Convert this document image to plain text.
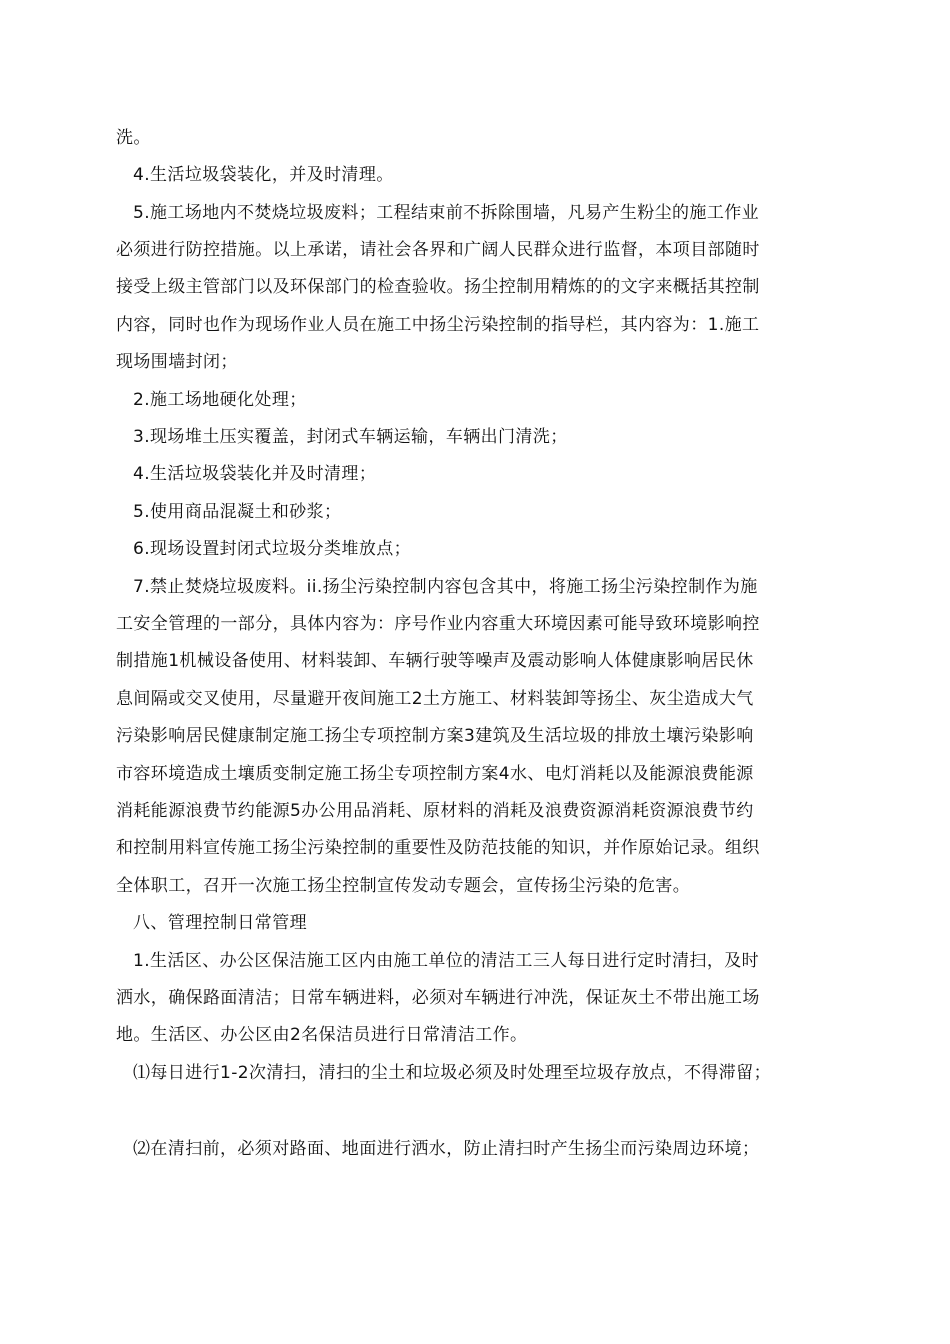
洗。
4.生活垃圾袋装化，并及时清理。
5.施工场地内不焚烧垃圾废料；工程结束前不拆除围墙，凡易产生粉尘的施工作业
必须进行防控措施。以上承诺，请社会各界和广阔人民群众进行监督，本项目部随时
接受上级主管部门以及环保部门的检查验收。扬尘控制用精炼的的文字来概括其控制
内容，同时也作为现场作业人员在施工中扬尘污染控制的指导栏，其内容为：1.施工
现场围墙封闭；
2.施工场地硬化处理；
3.现场堆土压实覆盖，封闭式车辆运输，车辆出门清洗；
4.生活垃圾袋装化并及时清理；
5.使用商品混凝土和砂浆；
6.现场设置封闭式垃圾分类堆放点；
7.禁止焚烧垃圾废料。ii.扬尘污染控制内容包含其中，将施工扬尘污染控制作为施
工安全管理的一部分，具体内容为：序号作业内容重大环境因素可能导致环境影响控
制措施1机械设备使用、材料装卸、车辆行驶等噪声及震动影响人体健康影响居民休
息间隔或交叉使用，尽量避开夜间施工2土方施工、材料装卸等扬尘、灰尘造成大气
污染影响居民健康制定施工扬尘专项控制方案3建筑及生活垃圾的排放土壤污染影响
市容环境造成土壤质变制定施工扬尘专项控制方案4水、电灯消耗以及能源浪费能源
消耗能源浪费节约能源5办公用品消耗、原材料的消耗及浪费资源消耗资源浪费节约
和控制用料宣传施工扬尘污染控制的重要性及防范技能的知识，并作原始记录。组织
全体职工，召开一次施工扬尘控制宣传发动专题会，宣传扬尘污染的危害。
八、管理控制日常管理
1.生活区、办公区保洁施工区内由施工单位的清洁工三人每日进行定时清扫，及时
洒水，确保路面清洁；日常车辆进料，必须对车辆进行冲洗，保证灰土不带出施工场
地。生活区、办公区由2名保洁员进行日常清洁工作。
⑴每日进行1-2次清扫，清扫的尘土和垃圾必须及时处理至垃圾存放点，不得滞留；
⑵在清扫前，必须对路面、地面进行洒水，防止清扫时产生扬尘而污染周边环境；
